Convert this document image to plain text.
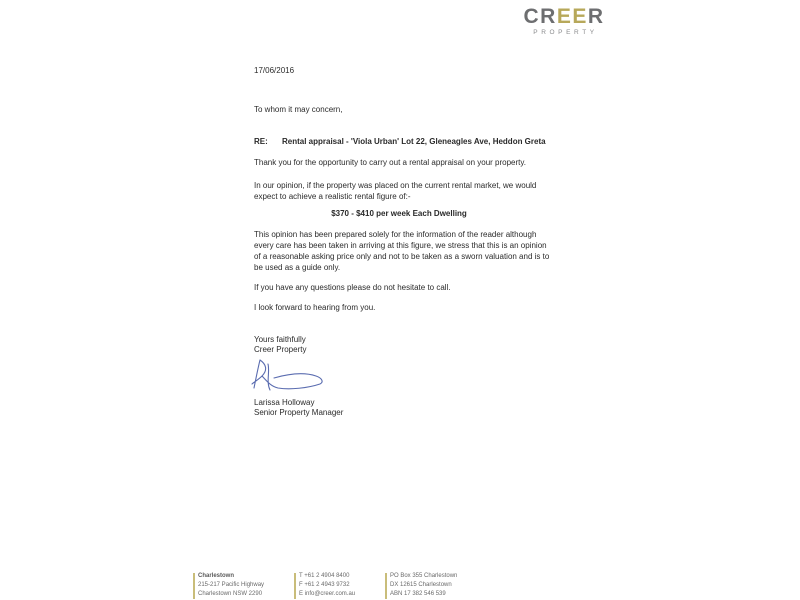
CREER
PROPERTY
17/06/2016
To whom it may concern,
RE: Rental appraisal - 'Viola Urban' Lot 22, Gleneagles Ave, Heddon Greta
Thank you for the opportunity to carry out a rental appraisal on your property.
In our opinion, if the property was placed on the current rental market, we would
expect to achieve a realistic rental figure of:-
$370 - $410 per week Each Dwelling
This opinion has been prepared solely for the information of the reader although
every care has been taken in arriving at this figure, we stress that this is an opinion
of a reasonable asking price only and not to be taken as a sworn valuation and is to
be used as a guide only.
If you have any questions please do not hesitate to call.
I look forward to hearing from you.
Yours faithfully
Creer Property
Larissa Holloway
Senior Property Manager
Charlestown
215-217 Pacific Highway
Charlestown NSW 2290
T +61 2 4904 8400
F +61 2 4943 9732
E info@creer.com.au
PO Box 355 Charlestown
DX 12615 Charlestown
ABN 17 382 546 539
